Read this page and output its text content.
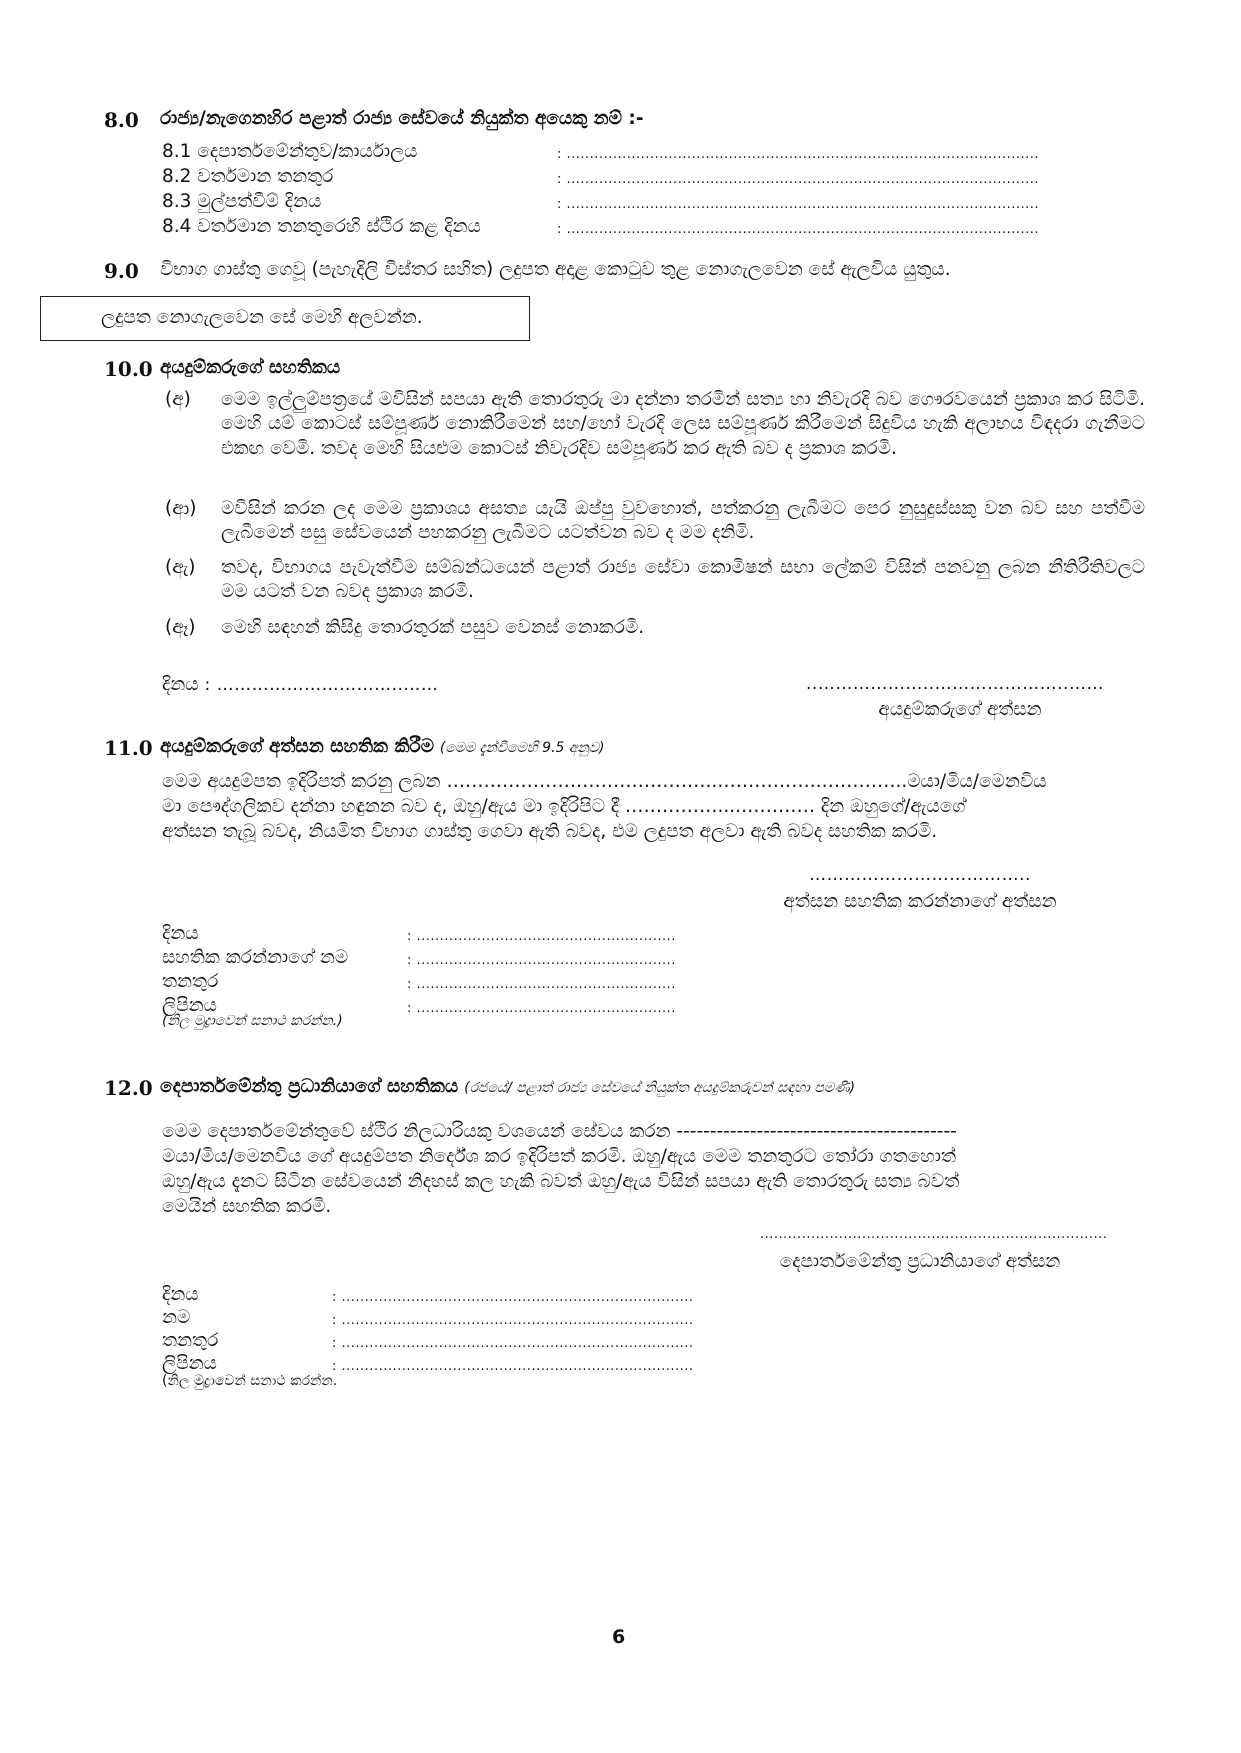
8.0 රාජ්‍ය/නැගෙනහිර පළාත් රාජ්‍ය සේවයේ නියුක්ත අයෙකු නම් :-
8.1 දෙපාර්තමේන්තුව/කාර්යාලය	: ......................................................................................................
8.2 වර්තමාන තනතුර	: ......................................................................................................
8.3 මුල්පත්වීම් දිනය	: ......................................................................................................
8.4 වර්තමාන තනතුරෙහි ස්ථිර කළ දිනය	: ......................................................................................................
9.0 විභාග ගාස්තු ගෙවූ (පැහැදිලි විස්තර සහිත) ලදුපත අදාළ කොටුව තුළ නොගැලවෙන සේ ඇලවිය යුතුය.
ලදුපත නොගැලවෙන සේ මෙහි අලවන්න.
10.0 අයදුම්කරුගේ සහතිකය
(අ) මෙම ඉල්ලුම්පත්‍රයේ මවිසින් සපයා ඇති තොරතුරු මා දන්නා තරමින් සත්‍ය හා නිවැරදි බව ගෞරවයෙන් ප්‍රකාශ කර සිටිමි. මෙහි යම් කොටස් සම්පූර්ණ නොකිරීමෙන් සහ/හෝ වැරදි ලෙස සම්පූර්ණ කිරීමෙන් සිදුවිය හැකි අලාභය විඳදරා ගැනීමට එකඟ වෙමි. තවද මෙහි සියළුම කොටස් නිවැරදිව සම්පූර්ණ කර ඇති බව ද ප්‍රකාශ කරමි.
(ආ) මවිසින් කරන ලද මෙම ප්‍රකාශය අසත්‍ය යැයි ඔප්පු වුවහොත්, පත්කරනු ලැබීමට පෙර නුසුදුස්සකු වන බව සහ පත්වීම ලැබීමෙන් පසු සේවයෙන් පහකරනු ලැබීමට යටත්වන බව ද මම දනිමි.
(ඇ) තවද, විභාගය පැවැත්වීම සම්බන්ධයෙන් පළාත් රාජ්‍ය සේවා කොමිෂන් සභා ලේකම් විසින් පනවනු ලබන නීතිරීතිවලට මම යටත් වන බවද ප්‍රකාශ කරමි.
(ඈ) මෙහි සඳහන් කිසිදු තොරතුරක් පසුව වෙනස් නොකරමි.
දිනය : …………………………..……	..………………..…………………..……
අයදුම්කරුගේ අත්සන
11.0 අයදුම්කරුගේ අත්සන සහතික කිරීම (මෙම දැන්වීමෙහි 9.5 අනුව)
මෙම අයදුම්පත ඉදිරිපත් කරනු ලබන ……………………………………..……………..…………..මයා/මිය/මෙනවිය
මා පෞද්ගලිකව දන්නා හඳුනන බව ද, ඔහු/ඇය මා ඉදිරිපිට දී ……………....………… දින ඔහුගේ/ඇයගේ
අත්සන තැබූ බවද, නියමිත විභාග ගාස්තු ගෙවා ඇති බවද, එම ලදුපත අලවා ඇති බවද සහතික කරමි.
………………………………..
අත්සන සහතික කරන්නාගේ අත්සන
දිනය	: ........................................................
සහතික කරන්නාගේ නම	: ........................................................
තනතුර	: ........................................................
ලිපිනය	: ........................................................
(නිල මුද්‍රාවෙන් සනාථ කරන්න.)
12.0 දෙපාර්තමේන්තු ප්‍රධානියාගේ සහතිකය (රජයේ/ පළාත් රාජ්‍ය සේවයේ නියුක්ත අයදුම්කරුවන් සඳහා පමණි)
මෙම දෙපාර්තමේන්තුවේ ස්ථිර නිලධාරියකු වශයෙන් සේවය කරන ------------------------------------------
මයා/මිය/මෙනවිය ගේ අයදුම්පත නිර්දේශ කර ඉදිරිපත් කරමි. ඔහු/ඇය මෙම තනතුරට තෝරා ගතහොත්
ඔහු/ඇය දැනට සිටින සේවයෙන් නිදහස් කල හැකි බවත් ඔහු/ඇය විසින් සපයා ඇති තොරතුරු සත්‍ය බවත්
මෙයින් සහතික කරමි.
...........................................................................
දෙපාර්තමේන්තු ප්‍රධානියාගේ අත්සන
දිනය	: ............................................................................
නම	: ............................................................................
තනතුර	: ............................................................................
ලිපිනය	: ............................................................................
(නිල මුද්‍රාවෙන් සනාථ කරන්න.
6
